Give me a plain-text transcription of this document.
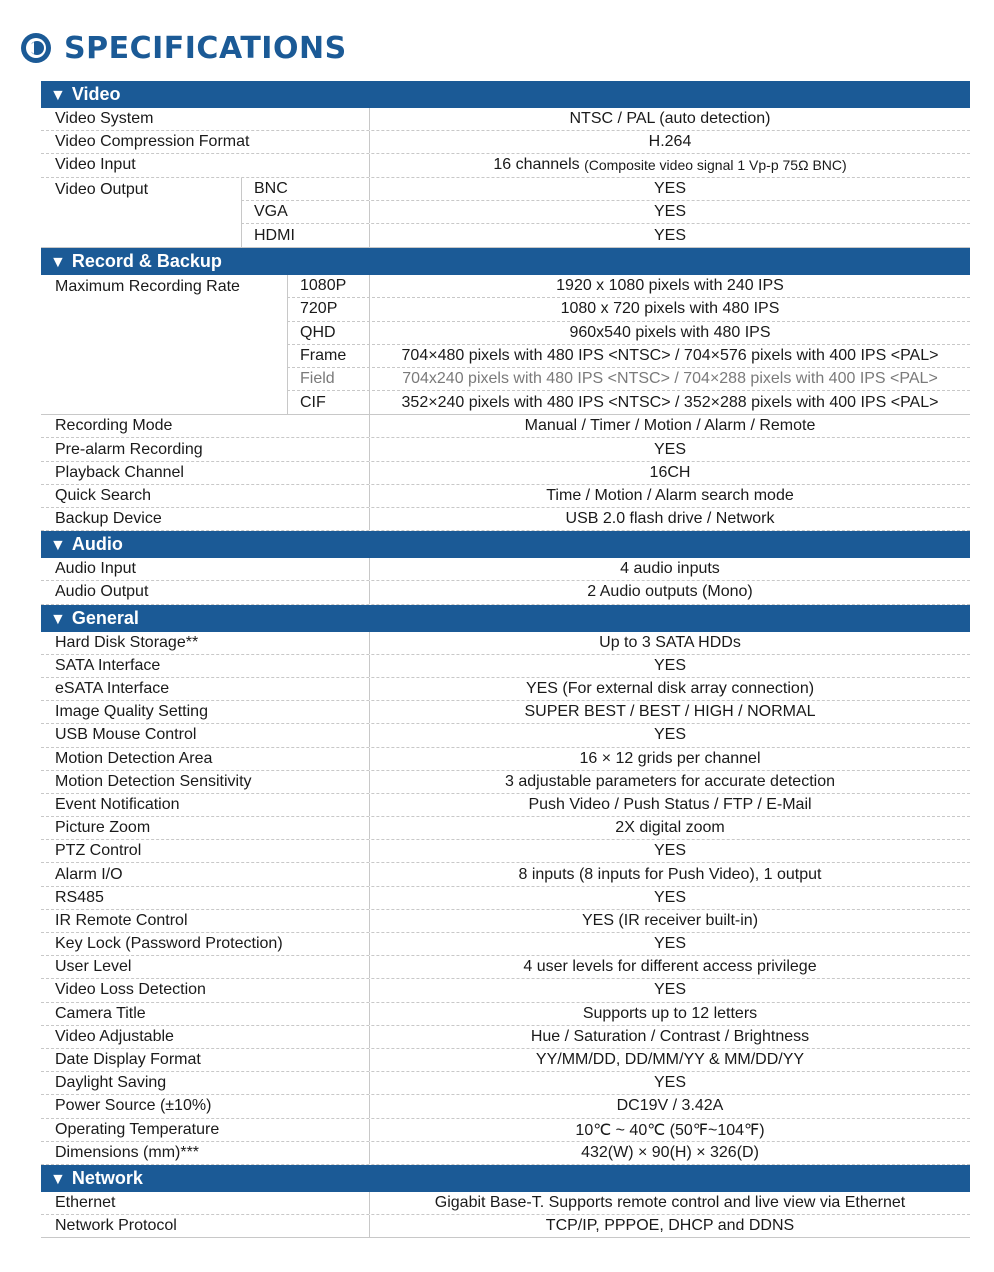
SPECIFICATIONS
▼ Video
Video System	NTSC / PAL (auto detection)
Video Compression Format	H.264
Video Input	16 channels
(Composite video signal 1 Vp-p 75Ω BNC)
Video Output	BNC	YES
VGA	YES
HDMI	YES
▼ Record & Backup
Maximum Recording Rate	1080P	1920 x 1080 pixels with 240 IPS
720P	1080 x 720 pixels with 480 IPS
QHD	960x540 pixels with 480 IPS
Frame	704×480 pixels with 480 IPS <NTSC> / 704×576 pixels with 400 IPS <PAL>
Field	704x240 pixels with 480 IPS <NTSC> / 704×288 pixels with 400 IPS <PAL>
CIF	352×240 pixels with 480 IPS <NTSC> / 352×288 pixels with 400 IPS <PAL>
Recording Mode	Manual / Timer / Motion / Alarm / Remote
Pre-alarm Recording	YES
Playback Channel	16CH
Quick Search	Time / Motion / Alarm search mode
Backup Device	USB 2.0 flash drive / Network
▼ Audio
Audio Input	4 audio inputs
Audio Output	2 Audio outputs (Mono)
▼ General
Hard Disk Storage**	Up to 3 SATA HDDs
SATA Interface	YES
eSATA Interface	YES (For external disk array connection)
Image Quality Setting	SUPER BEST / BEST / HIGH / NORMAL
USB Mouse Control	YES
Motion Detection Area	16 × 12 grids per channel
Motion Detection Sensitivity	3 adjustable parameters for accurate detection
Event Notification	Push Video / Push Status / FTP / E-Mail
Picture Zoom	2X digital zoom
PTZ Control	YES
Alarm I/O	8 inputs (8 inputs for Push Video), 1 output
RS485	YES
IR Remote Control	YES (IR receiver built-in)
Key Lock (Password Protection)	YES
User Level	4 user levels for different access privilege
Video Loss Detection	YES
Camera Title	Supports up to 12 letters
Video Adjustable	Hue / Saturation / Contrast / Brightness
Date Display Format	YY/MM/DD, DD/MM/YY & MM/DD/YY
Daylight Saving	YES
Power Source (±10%)	DC19V / 3.42A
Operating Temperature	10℃ ~ 40℃ (50℉~104℉)
Dimensions (mm)***	432(W) × 90(H) × 326(D)
▼ Network
Ethernet	Gigabit Base-T. Supports remote control and live view via Ethernet
Network Protocol	TCP/IP, PPPOE, DHCP and DDNS
